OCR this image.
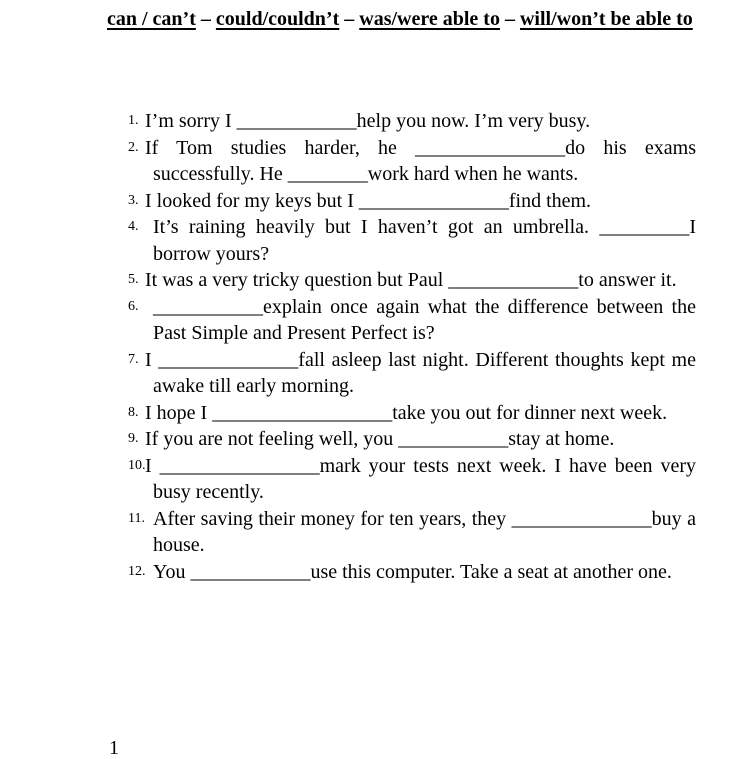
can / can’t – could/couldn’t – was/were able to – will/won’t be able to
1. I’m sorry I ____________help you now. I’m very busy.
2. If Tom studies harder, he _______________do his exams successfully. He ________work hard when he wants.
3. I looked for my keys but I _______________find them.
4. It’s raining heavily but I haven’t got an umbrella. _________I borrow yours?
5. It was a very tricky question but Paul _____________to answer it.
6. ___________explain once again what the difference between the Past Simple and Present Perfect is?
7. I ______________fall asleep last night. Different thoughts kept me awake till early morning.
8. I hope I __________________take you out for dinner next week.
9. If you are not feeling well, you ___________stay at home.
10. I ________________mark your tests next week. I have been very busy recently.
11. After saving their money for ten years, they ______________buy a house.
12. You ____________use this computer. Take a seat at another one.

1
